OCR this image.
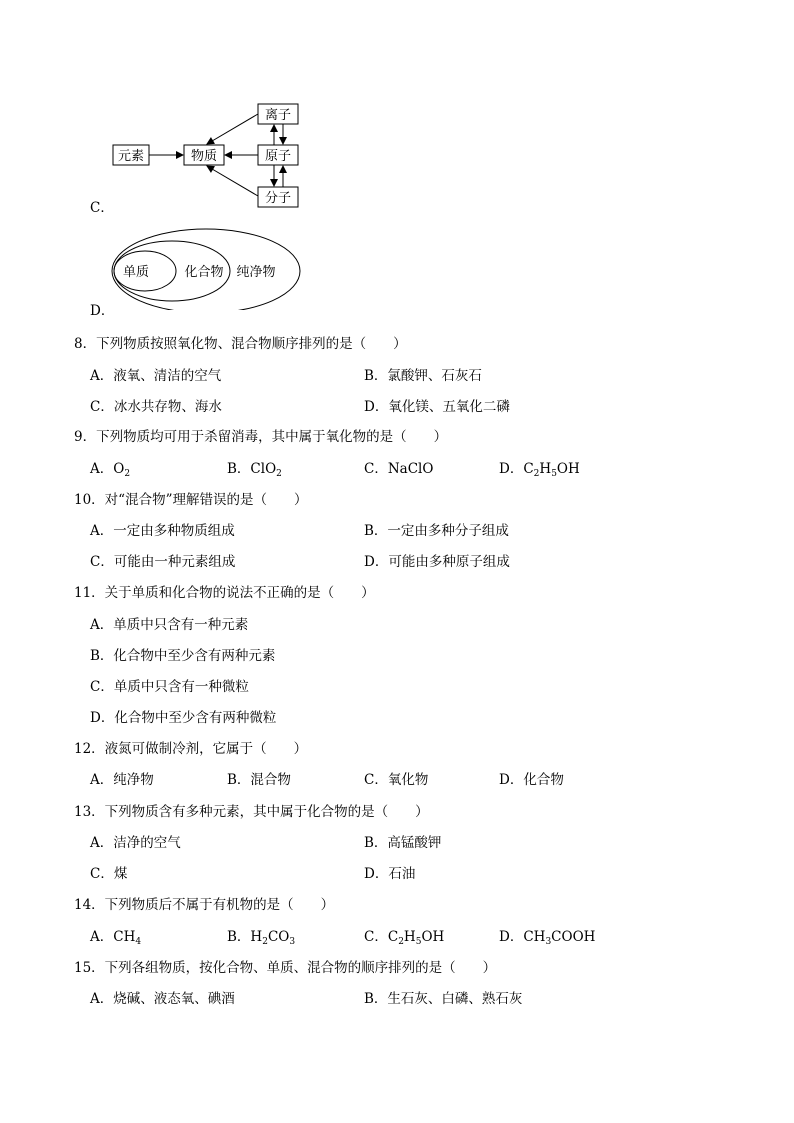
元素	物质
离子
原子
分子
C．
单质	化合物 纯净物
D．
8．下列物质按照氧化物、混合物顺序排列的是（　　）
A．液氧、清洁的空气	B．氯酸钾、石灰石
C．冰水共存物、海水	D．氧化镁、五氧化二磷
9．下列物质均可用于杀留消毒，其中属于氧化物的是（　　）
A．$O_2$	B．ClO$_2$	C．NaClO	D．$C_2H_5OH$
10．对“混合物”理解错误的是（　　）
A．一定由多种物质组成	B．一定由多种分子组成
C．可能由一种元素组成	D．可能由多种原子组成
11．关于单质和化合物的说法不正确的是（　　）
A．单质中只含有一种元素
B．化合物中至少含有两种元素
C．单质中只含有一种微粒
D．化合物中至少含有两种微粒
12．液氮可做制冷剂，它属于（　　）
A．纯净物	B．混合物	C．氧化物	D．化合物
13．下列物质含有多种元素，其中属于化合物的是（　　）
A．洁净的空气	B．高锰酸钾
C．煤	D．石油
14．下列物质后不属于有机物的是（　　）
A．$CH_4$	B．$H_2CO_3$	C．$C_2H_5OH$	D．$CH_3COOH$
15．下列各组物质，按化合物、单质、混合物的顺序排列的是（　　）
A．烧碱、液态氧、碘酒	B．生石灰、白磷、熟石灰
